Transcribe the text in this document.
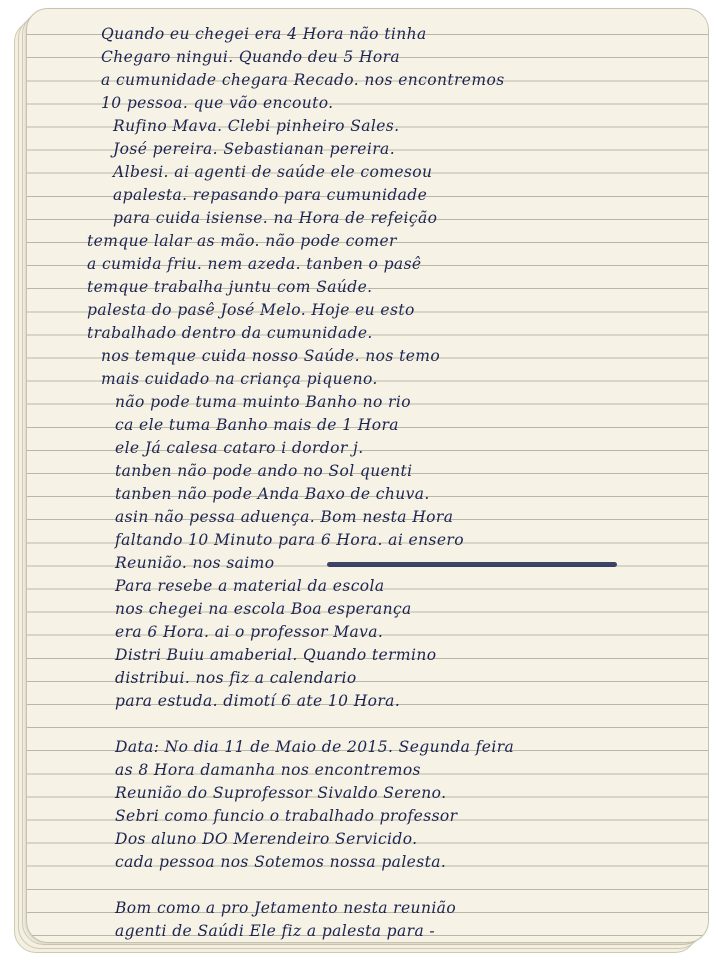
Quando eu chegei era 4 Hora não tinha
Chegaro ningui. Quando deu 5 Hora
a cumunidade chegara Recado. nos encontremos
10 pessoa. que vão encouto.
Rufino Mava. Clebi pinheiro Sales.
José pereira. Sebastianan pereira.
Albesi. ai agenti de saúde ele comesou
apalesta. repasando para cumunidade
para cuida isiense. na Hora de refeição
temque lalar as mão. não pode comer
a cumida friu. nem azeda. tanben o pasê
temque trabalha juntu com Saúde.
palesta do pasê José Melo. Hoje eu esto
trabalhado dentro da cumunidade.
nos temque cuida nosso Saúde. nos temo
mais cuidado na criança piqueno.
não pode tuma muinto Banho no rio
ca ele tuma Banho mais de 1 Hora
ele Já calesa cataro i dordor j.
tanben não pode ando no Sol quenti
tanben não pode Anda Baxo de chuva.
asin não pessa aduença. Bom nesta Hora
faltando 10 Minuto para 6 Hora. ai ensero
Reunião. nos saimo
Para resebe a material da escola
nos chegei na escola Boa esperança
era 6 Hora. ai o professor Mava.
Distri Buiu amaberial. Quando termino
distribui. nos fiz a calendario
para estuda. dimotí 6 ate 10 Hora.
Data: No dia 11 de Maio de 2015. Segunda feira
as 8 Hora damanha nos encontremos
Reunião do Suprofessor Sivaldo Sereno.
Sebri como funcio o trabalhado professor
Dos aluno DO Merendeiro Servicido.
cada pessoa nos Sotemos nossa palesta.
Bom como a pro Jetamento nesta reunião
agenti de Saúdi Ele fiz a palesta para -
